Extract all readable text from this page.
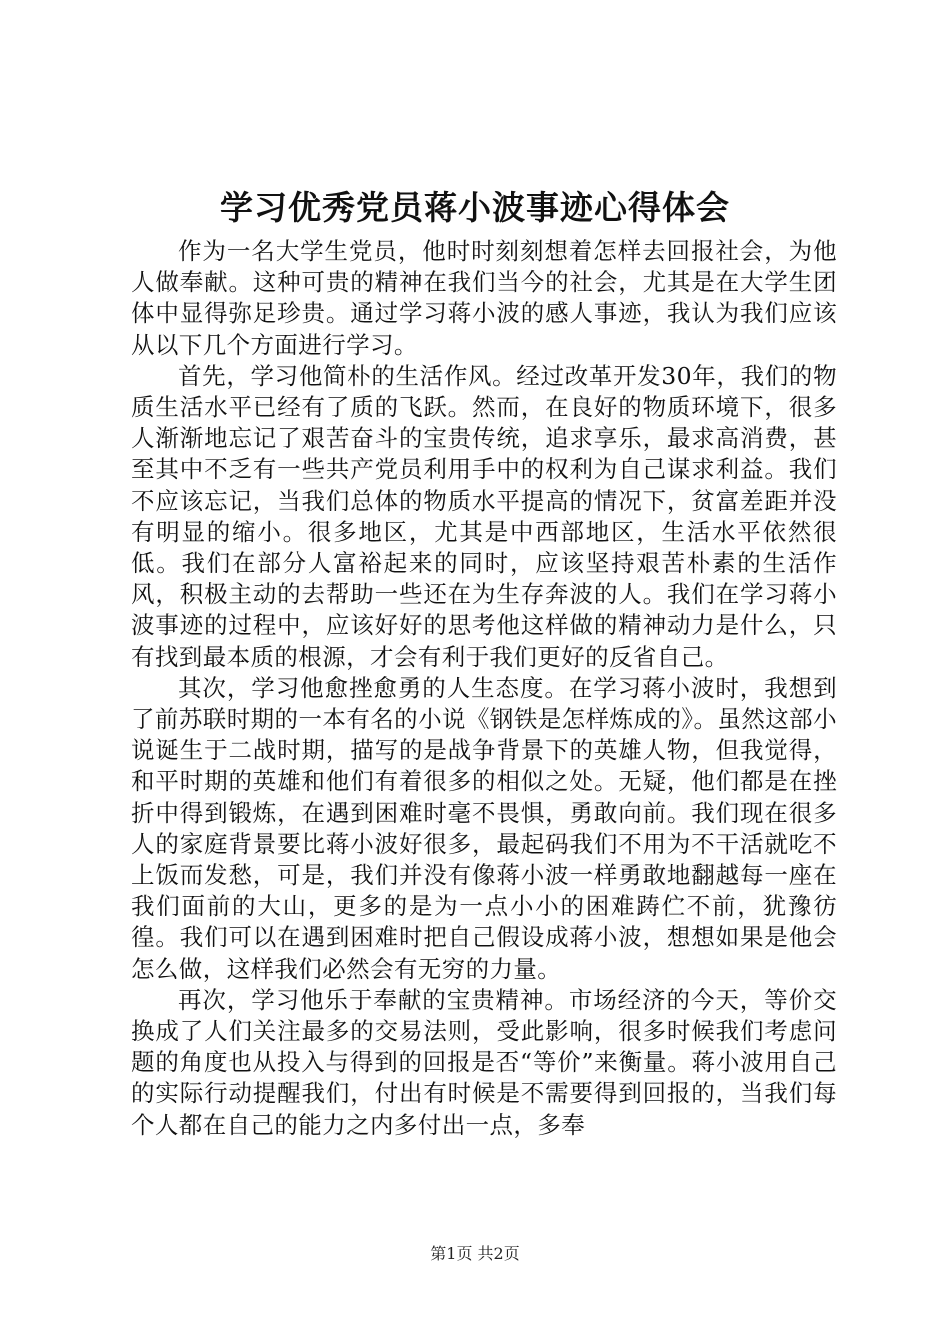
学习优秀党员蒋小波事迹心得体会

作为一名大学生党员，他时时刻刻想着怎样去回报社会，为他人做奉献。这种可贵的精神在我们当今的社会，尤其是在大学生团体中显得弥足珍贵。通过学习蒋小波的感人事迹，我认为我们应该从以下几个方面进行学习。

首先，学习他简朴的生活作风。经过改革开发30年，我们的物质生活水平已经有了质的飞跃。然而，在良好的物质环境下，很多人渐渐地忘记了艰苦奋斗的宝贵传统，追求享乐，最求高消费，甚至其中不乏有一些共产党员利用手中的权利为自己谋求利益。我们不应该忘记，当我们总体的物质水平提高的情况下，贫富差距并没有明显的缩小。很多地区，尤其是中西部地区，生活水平依然很低。我们在部分人富裕起来的同时，应该坚持艰苦朴素的生活作风，积极主动的去帮助一些还在为生存奔波的人。我们在学习蒋小波事迹的过程中，应该好好的思考他这样做的精神动力是什么，只有找到最本质的根源，才会有利于我们更好的反省自己。

其次，学习他愈挫愈勇的人生态度。在学习蒋小波时，我想到了前苏联时期的一本有名的小说《钢铁是怎样炼成的》。虽然这部小说诞生于二战时期，描写的是战争背景下的英雄人物，但我觉得，和平时期的英雄和他们有着很多的相似之处。无疑，他们都是在挫折中得到锻炼，在遇到困难时毫不畏惧，勇敢向前。我们现在很多人的家庭背景要比蒋小波好很多，最起码我们不用为不干活就吃不上饭而发愁，可是，我们并没有像蒋小波一样勇敢地翻越每一座在我们面前的大山，更多的是为一点小小的困难踌伫不前，犹豫彷徨。我们可以在遇到困难时把自己假设成蒋小波，想想如果是他会怎么做，这样我们必然会有无穷的力量。

再次，学习他乐于奉献的宝贵精神。市场经济的今天，等价交换成了人们关注最多的交易法则，受此影响，很多时候我们考虑问题的角度也从投入与得到的回报是否“等价”来衡量。蒋小波用自己的实际行动提醒我们，付出有时候是不需要得到回报的，当我们每个人都在自己的能力之内多付出一点，多奉

第1页 共2页
